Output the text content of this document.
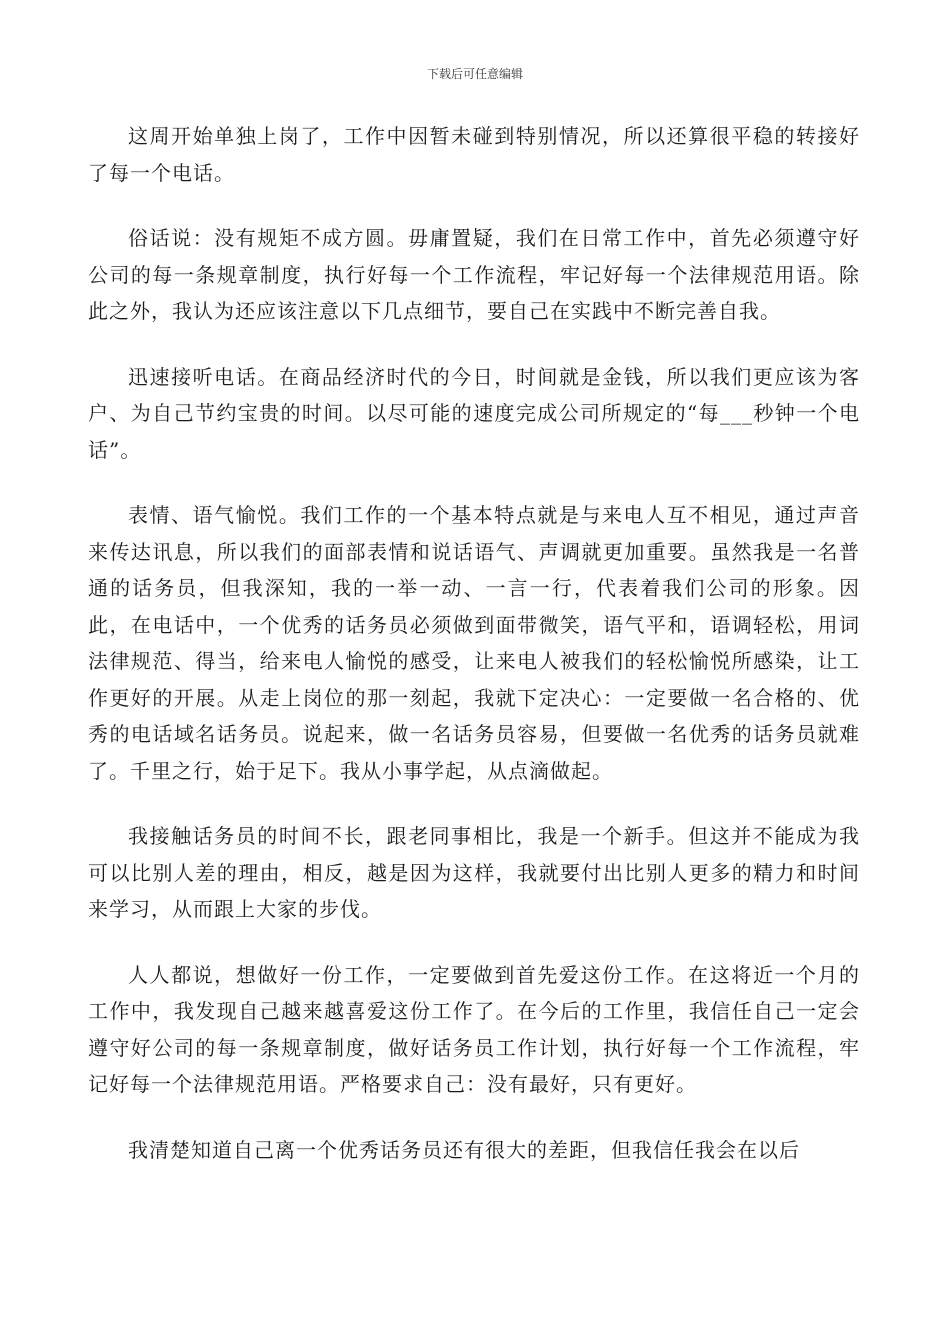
下载后可任意编辑

这周开始单独上岗了，工作中因暂未碰到特别情况，所以还算很平稳的转接好了每一个电话。

俗话说：没有规矩不成方圆。毋庸置疑，我们在日常工作中，首先必须遵守好公司的每一条规章制度，执行好每一个工作流程，牢记好每一个法律规范用语。除此之外，我认为还应该注意以下几点细节，要自己在实践中不断完善自我。

迅速接听电话。在商品经济时代的今日，时间就是金钱，所以我们更应该为客户、为自己节约宝贵的时间。以尽可能的速度完成公司所规定的“每___秒钟一个电话”。

表情、语气愉悦。我们工作的一个基本特点就是与来电人互不相见，通过声音来传达讯息，所以我们的面部表情和说话语气、声调就更加重要。虽然我是一名普通的话务员，但我深知，我的一举一动、一言一行，代表着我们公司的形象。因此，在电话中，一个优秀的话务员必须做到面带微笑，语气平和，语调轻松，用词法律规范、得当，给来电人愉悦的感受，让来电人被我们的轻松愉悦所感染，让工作更好的开展。从走上岗位的那一刻起，我就下定决心：一定要做一名合格的、优秀的电话域名话务员。说起来，做一名话务员容易，但要做一名优秀的话务员就难了。千里之行，始于足下。我从小事学起，从点滴做起。

我接触话务员的时间不长，跟老同事相比，我是一个新手。但这并不能成为我可以比别人差的理由，相反，越是因为这样，我就要付出比别人更多的精力和时间来学习，从而跟上大家的步伐。

人人都说，想做好一份工作，一定要做到首先爱这份工作。在这将近一个月的工作中，我发现自己越来越喜爱这份工作了。在今后的工作里，我信任自己一定会遵守好公司的每一条规章制度，做好话务员工作计划，执行好每一个工作流程，牢记好每一个法律规范用语。严格要求自己：没有最好，只有更好。

我清楚知道自己离一个优秀话务员还有很大的差距，但我信任我会在以后
